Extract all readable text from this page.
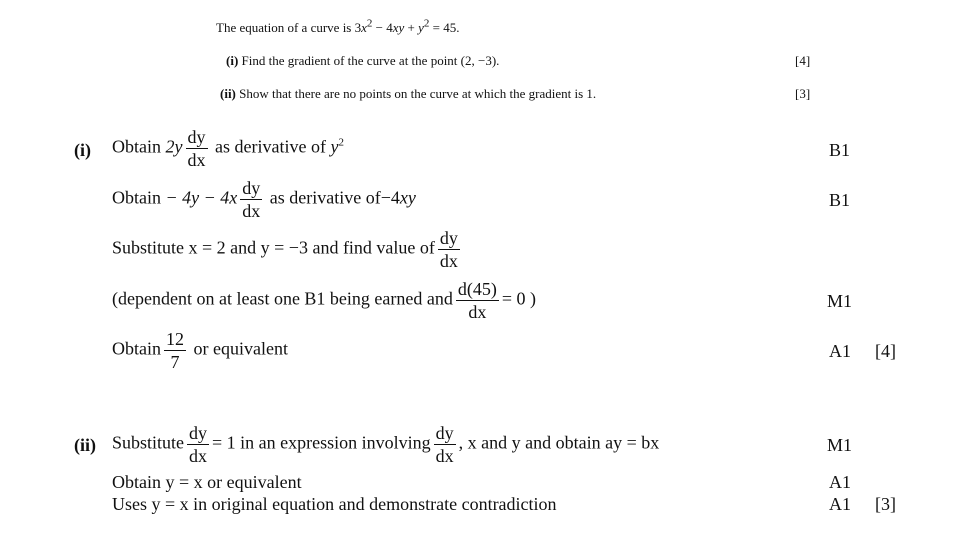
The equation of a curve is $3x^2 - 4xy + y^2 = 45$.
(i) Find the gradient of the curve at the point (2, −3).	[4]
(ii) Show that there are no points on the curve at which the gradient is 1.	[3]
(i) Obtain $2y \frac{dy}{dx}$ as derivative of $y^2$	B1
Obtain − $4y - 4x \frac{dy}{dx}$ as derivative of−4xy	B1
Substitute x = 2 and y = −3 and find value of $\frac{dy}{dx}$
(dependent on at least one B1 being earned and $\frac{d(45)}{dx} = 0$ )	M1
Obtain $\frac{12}{7}$ or equivalent	A1 [4]
(ii) Substitute $\frac{dy}{dx} = 1$ in an expression involving $\frac{dy}{dx}$ , x and y and obtain ay = bx	M1
Obtain y = x or equivalent	A1
Uses y = x in original equation and demonstrate contradiction	A1 [3]
